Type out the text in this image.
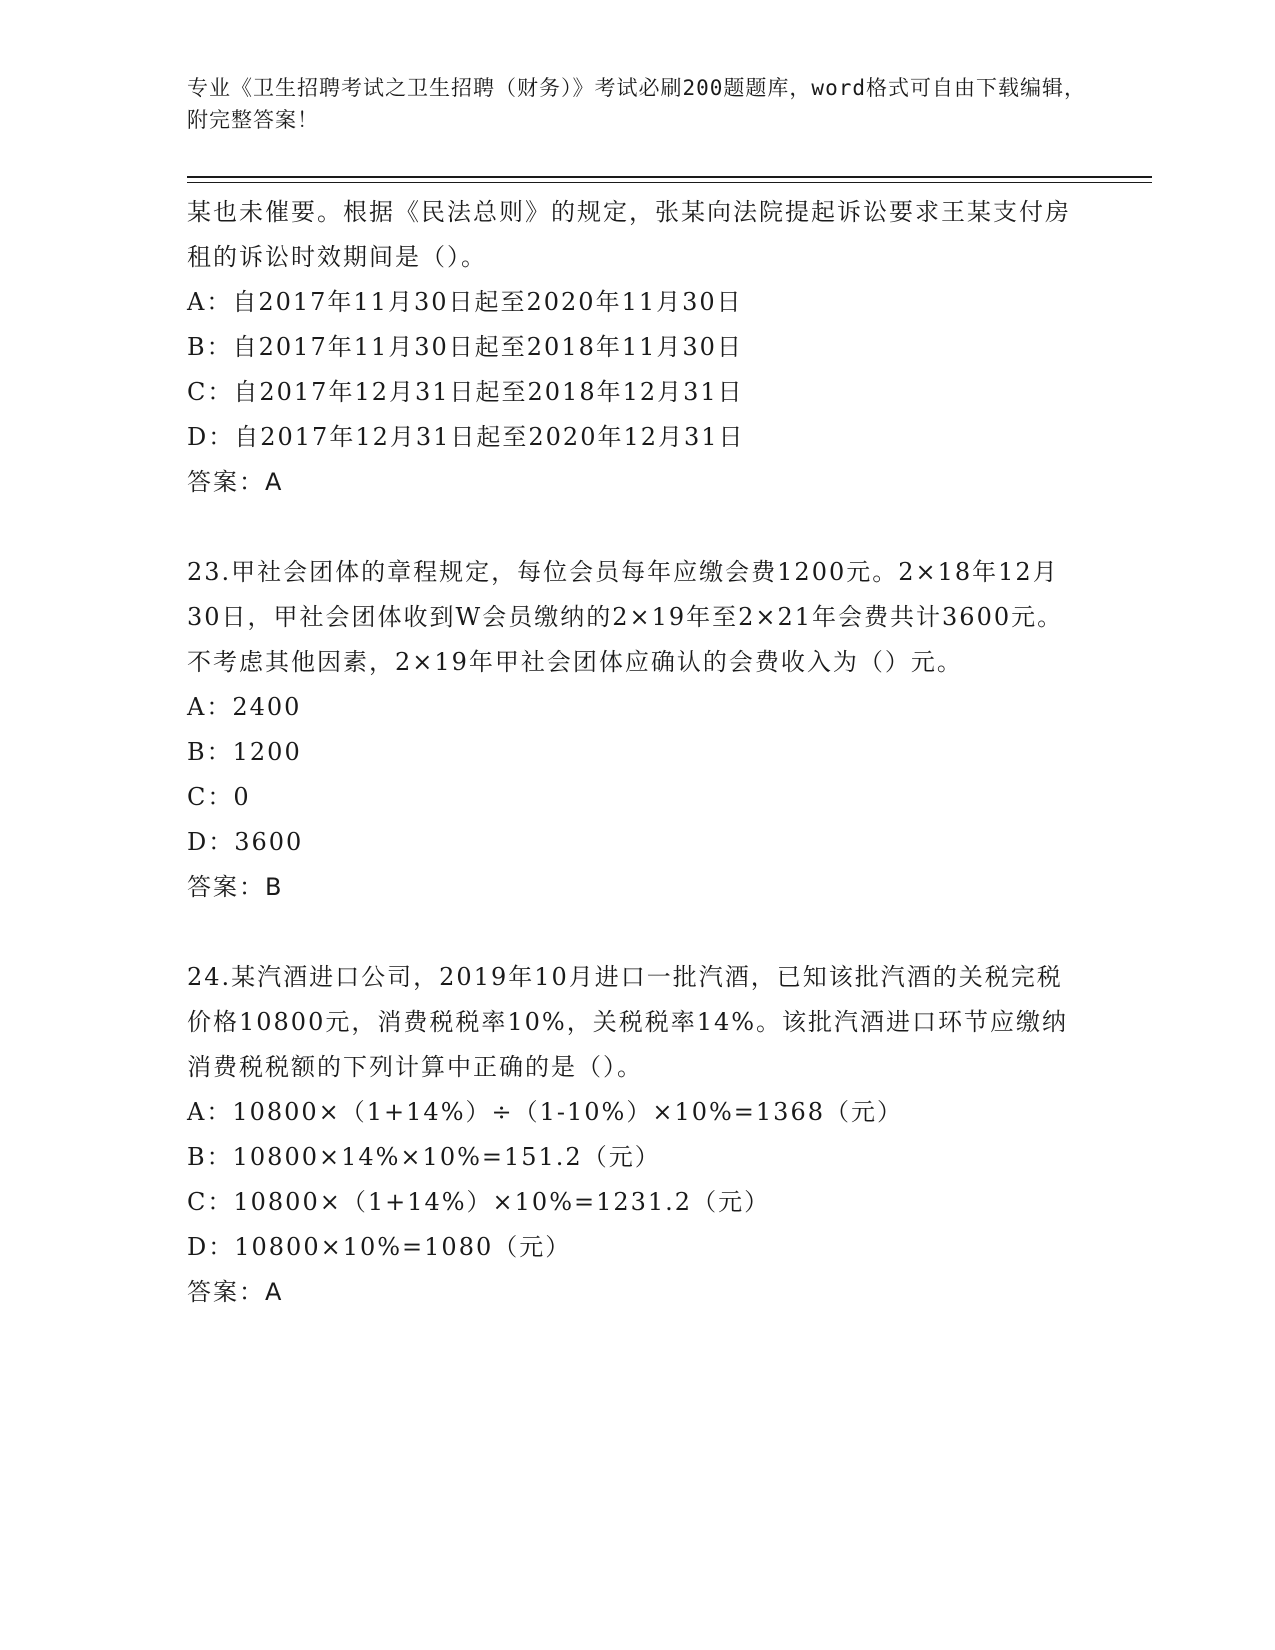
专业《卫生招聘考试之卫生招聘（财务）》考试必刷200题题库，word格式可自由下载编辑，附完整答案！

某也未催要。根据《民法总则》的规定，张某向法院提起诉讼要求王某支付房租的诉讼时效期间是（）。

A：自2017年11月30日起至2020年11月30日

B：自2017年11月30日起至2018年11月30日

C：自2017年12月31日起至2018年12月31日

D：自2017年12月31日起至2020年12月31日

答案：A

23.甲社会团体的章程规定，每位会员每年应缴会费1200元。2×18年12月30日，甲社会团体收到W会员缴纳的2×19年至2×21年会费共计3600元。不考虑其他因素，2×19年甲社会团体应确认的会费收入为（）元。

A：2400

B：1200

C：0

D：3600

答案：B

24.某汽酒进口公司，2019年10月进口一批汽酒，已知该批汽酒的关税完税价格10800元，消费税税率10%，关税税率14%。该批汽酒进口环节应缴纳消费税税额的下列计算中正确的是（）。

A：10800×（1+14%）÷（1-10%）×10%=1368（元）

B：10800×14%×10%=151.2（元）

C：10800×（1+14%）×10%=1231.2（元）

D：10800×10%=1080（元）

答案：A
